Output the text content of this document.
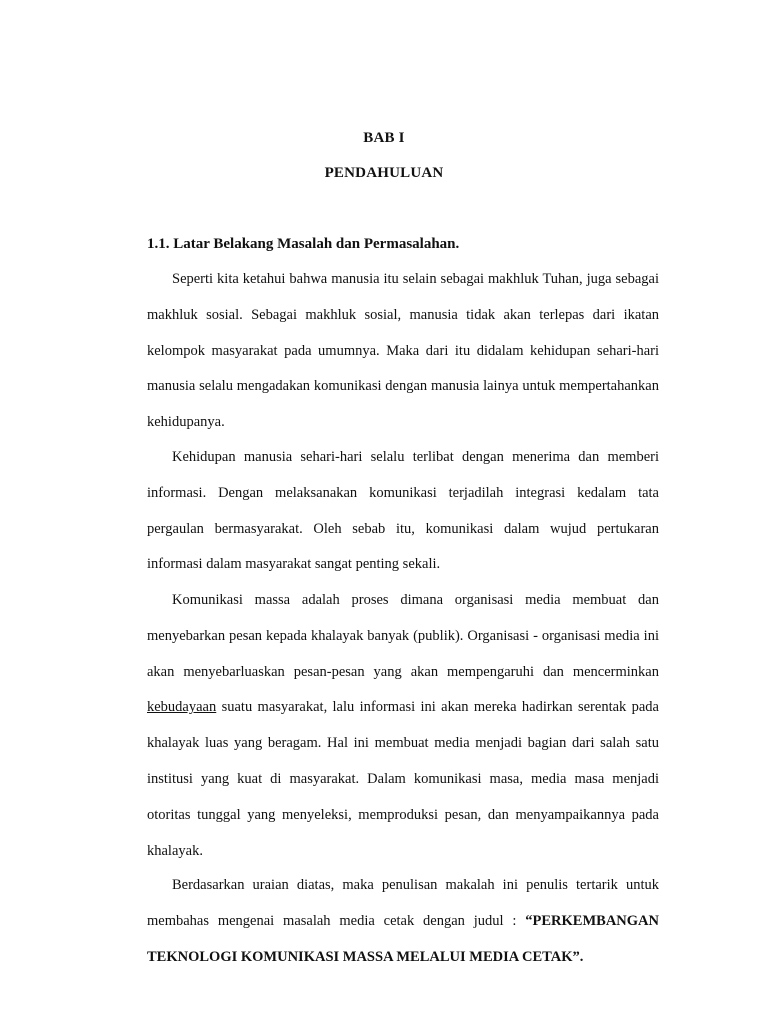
BAB I
PENDAHULUAN
1.1. Latar Belakang Masalah dan Permasalahan.

Seperti kita ketahui bahwa manusia itu selain sebagai makhluk Tuhan, juga sebagai makhluk sosial. Sebagai makhluk sosial, manusia tidak akan terlepas dari ikatan kelompok masyarakat pada umumnya. Maka dari itu didalam kehidupan sehari-hari manusia selalu mengadakan komunikasi dengan manusia lainya untuk mempertahankan kehidupanya.

Kehidupan manusia sehari-hari selalu terlibat dengan menerima dan memberi informasi. Dengan melaksanakan komunikasi terjadilah integrasi kedalam tata pergaulan bermasyarakat. Oleh sebab itu, komunikasi dalam wujud pertukaran informasi dalam masyarakat sangat penting sekali.

Komunikasi massa adalah proses dimana organisasi media membuat dan menyebarkan pesan kepada khalayak banyak (publik). Organisasi - organisasi media ini akan menyebarluaskan pesan-pesan yang akan mempengaruhi dan mencerminkan kebudayaan suatu masyarakat, lalu informasi ini akan mereka hadirkan serentak pada khalayak luas yang beragam. Hal ini membuat media menjadi bagian dari salah satu institusi yang kuat di masyarakat. Dalam komunikasi masa, media masa menjadi otoritas tunggal yang menyeleksi, memproduksi pesan, dan menyampaikannya pada khalayak.

Berdasarkan uraian diatas, maka penulisan makalah ini penulis tertarik untuk membahas mengenai masalah media cetak dengan judul : “PERKEMBANGAN TEKNOLOGI KOMUNIKASI MASSA MELALUI MEDIA CETAK”.
